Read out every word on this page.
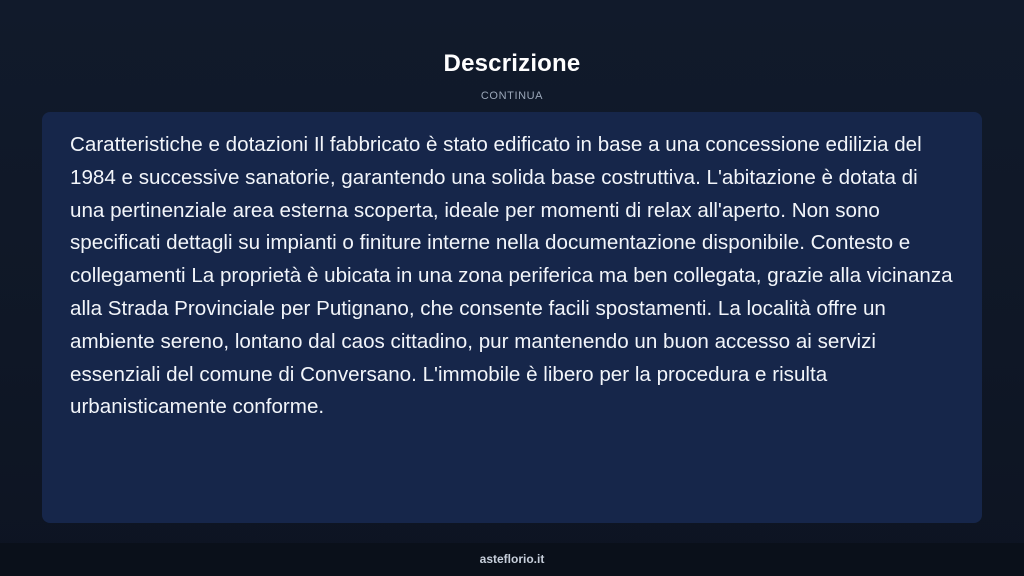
Descrizione
CONTINUA

Caratteristiche e dotazioni Il fabbricato è stato edificato in base a una concessione edilizia del 1984 e successive sanatorie, garantendo una solida base costruttiva. L'abitazione è dotata di una pertinenziale area esterna scoperta, ideale per momenti di relax all'aperto. Non sono specificati dettagli su impianti o finiture interne nella documentazione disponibile. Contesto e collegamenti La proprietà è ubicata in una zona periferica ma ben collegata, grazie alla vicinanza alla Strada Provinciale per Putignano, che consente facili spostamenti. La località offre un ambiente sereno, lontano dal caos cittadino, pur mantenendo un buon accesso ai servizi essenziali del comune di Conversano. L'immobile è libero per la procedura e risulta urbanisticamente conforme.

asteflorio.it
